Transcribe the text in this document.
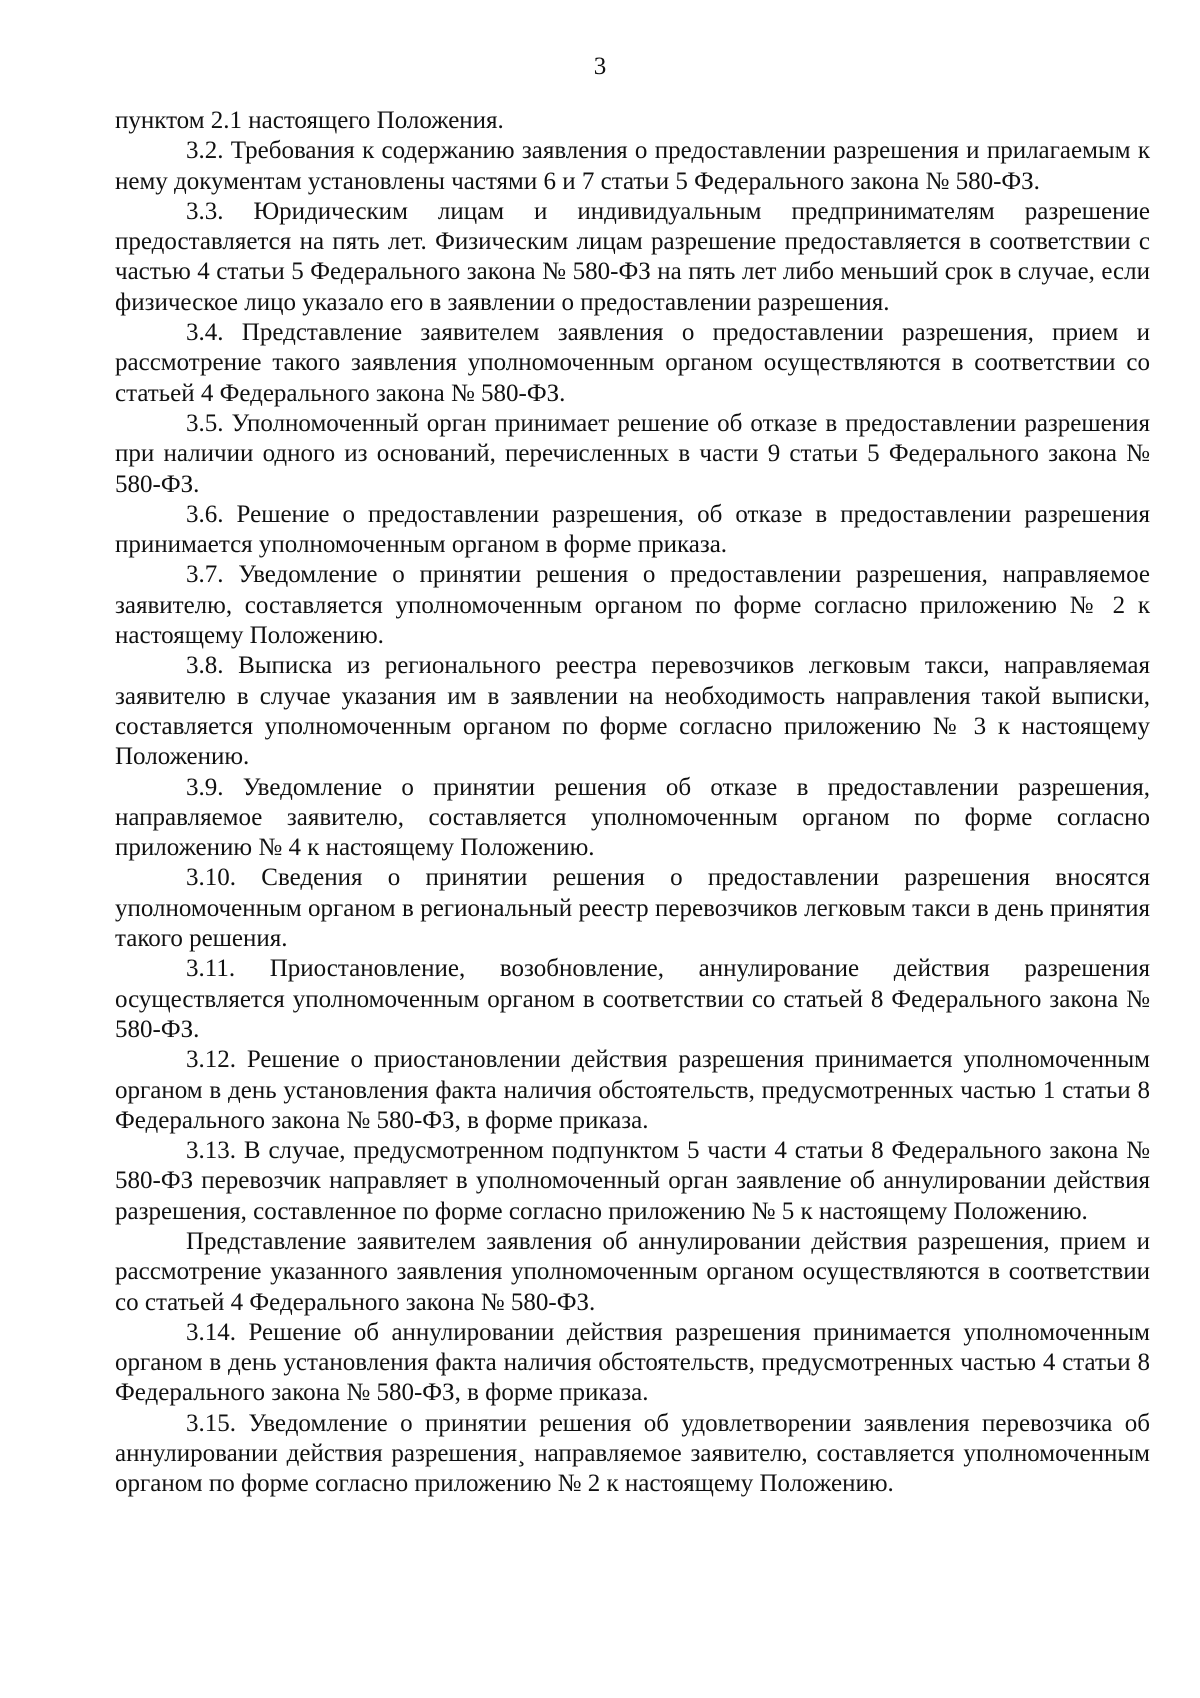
3

пунктом 2.1 настоящего Положения.

3.2. Требования к содержанию заявления о предоставлении разрешения и прилагаемым к нему документам установлены частями 6 и 7 статьи 5 Федерального закона № 580-ФЗ.

3.3. Юридическим лицам и индивидуальным предпринимателям разрешение предоставляется на пять лет. Физическим лицам разрешение предоставляется в соответствии с частью 4 статьи 5 Федерального закона № 580-ФЗ на пять лет либо меньший срок в случае, если физическое лицо указало его в заявлении о предоставлении разрешения.

3.4. Представление заявителем заявления о предоставлении разрешения, прием и рассмотрение такого заявления уполномоченным органом осуществляются в соответствии со статьей 4 Федерального закона № 580-ФЗ.

3.5. Уполномоченный орган принимает решение об отказе в предоставлении разрешения при наличии одного из оснований, перечисленных в части 9 статьи 5 Федерального закона № 580-ФЗ.

3.6. Решение о предоставлении разрешения, об отказе в предоставлении разрешения принимается уполномоченным органом в форме приказа.

3.7. Уведомление о принятии решения о предоставлении разрешения, направляемое заявителю, составляется уполномоченным органом по форме согласно приложению № 2 к настоящему Положению.

3.8. Выписка из регионального реестра перевозчиков легковым такси, направляемая заявителю в случае указания им в заявлении на необходимость направления такой выписки, составляется уполномоченным органом по форме согласно приложению № 3 к настоящему Положению.

3.9. Уведомление о принятии решения об отказе в предоставлении разрешения, направляемое заявителю, составляется уполномоченным органом по форме согласно приложению № 4 к настоящему Положению.

3.10. Сведения о принятии решения о предоставлении разрешения вносятся уполномоченным органом в региональный реестр перевозчиков легковым такси в день принятия такого решения.

3.11. Приостановление, возобновление, аннулирование действия разрешения осуществляется уполномоченным органом в соответствии со статьей 8 Федерального закона № 580-ФЗ.

3.12. Решение о приостановлении действия разрешения принимается уполномоченным органом в день установления факта наличия обстоятельств, предусмотренных частью 1 статьи 8 Федерального закона № 580-ФЗ, в форме приказа.

3.13. В случае, предусмотренном подпунктом 5 части 4 статьи 8 Федерального закона № 580-ФЗ перевозчик направляет в уполномоченный орган заявление об аннулировании действия разрешения, составленное по форме согласно приложению № 5 к настоящему Положению.

Представление заявителем заявления об аннулировании действия разрешения, прием и рассмотрение указанного заявления уполномоченным органом осуществляются в соответствии со статьей 4 Федерального закона № 580-ФЗ.

3.14. Решение об аннулировании действия разрешения принимается уполномоченным органом в день установления факта наличия обстоятельств, предусмотренных частью 4 статьи 8 Федерального закона № 580-ФЗ, в форме приказа.

3.15. Уведомление о принятии решения об удовлетворении заявления перевозчика об аннулировании действия разрешения¸ направляемое заявителю, составляется уполномоченным органом по форме согласно приложению № 2 к настоящему Положению.
